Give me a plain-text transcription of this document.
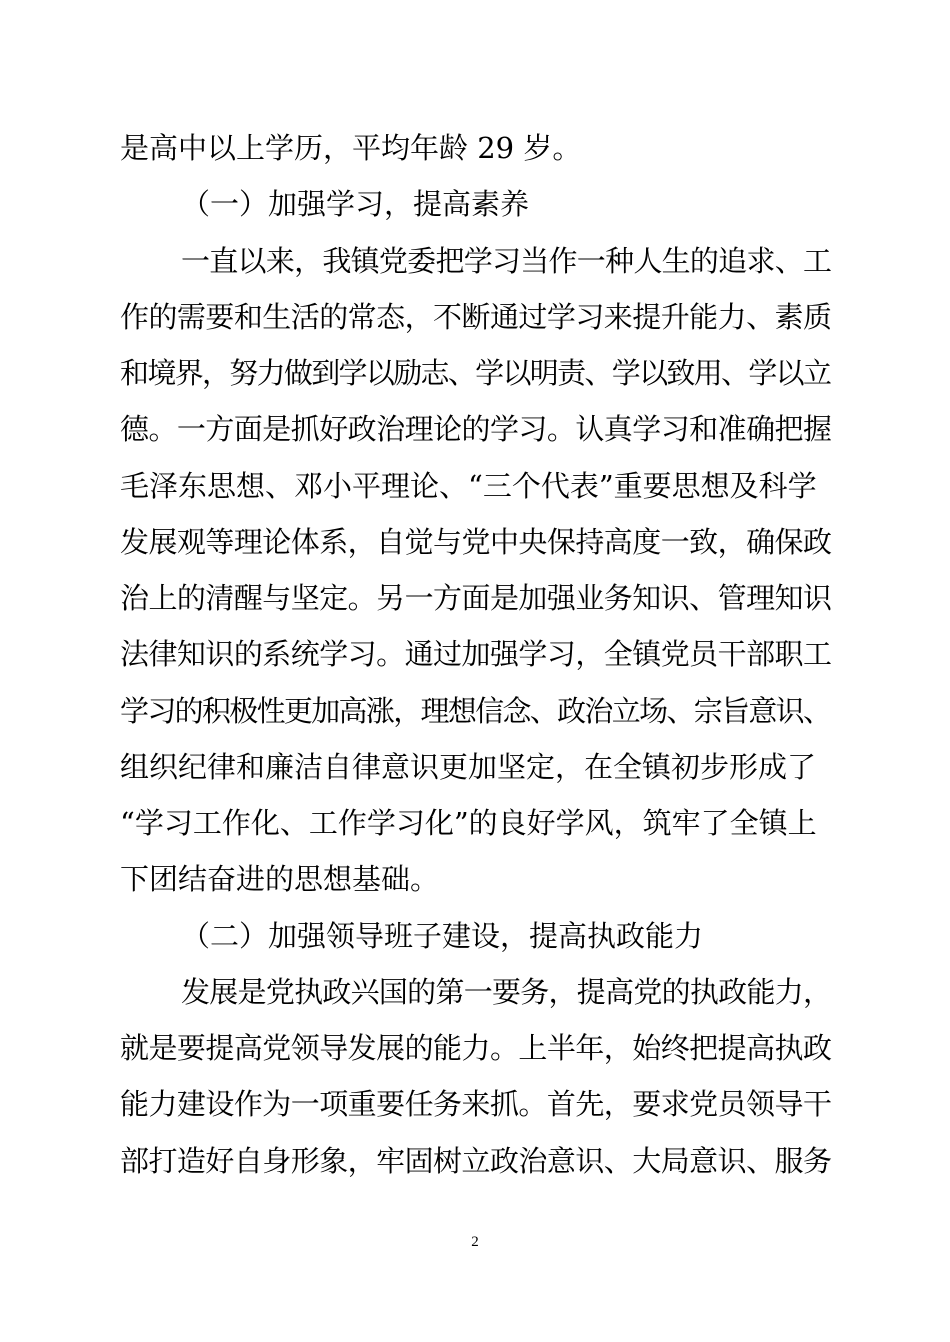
是高中以上学历，平均年龄 29 岁。
（一）加强学习，提高素养
一直以来，我镇党委把学习当作一种人生的追求、工
作的需要和生活的常态，不断通过学习来提升能力、素质
和境界，努力做到学以励志、学以明责、学以致用、学以立
德。一方面是抓好政治理论的学习。认真学习和准确把握
毛泽东思想、邓小平理论、“三个代表”重要思想及科学
发展观等理论体系，自觉与党中央保持高度一致，确保政
治上的清醒与坚定。另一方面是加强业务知识、管理知识
法律知识的系统学习。通过加强学习，全镇党员干部职工
学习的积极性更加高涨，理想信念、政治立场、宗旨意识、
组织纪律和廉洁自律意识更加坚定，在全镇初步形成了
“学习工作化、工作学习化”的良好学风，筑牢了全镇上
下团结奋进的思想基础。
（二）加强领导班子建设，提高执政能力
发展是党执政兴国的第一要务，提高党的执政能力，
就是要提高党领导发展的能力。上半年，始终把提高执政
能力建设作为一项重要任务来抓。首先，要求党员领导干
部打造好自身形象，牢固树立政治意识、大局意识、服务
2
